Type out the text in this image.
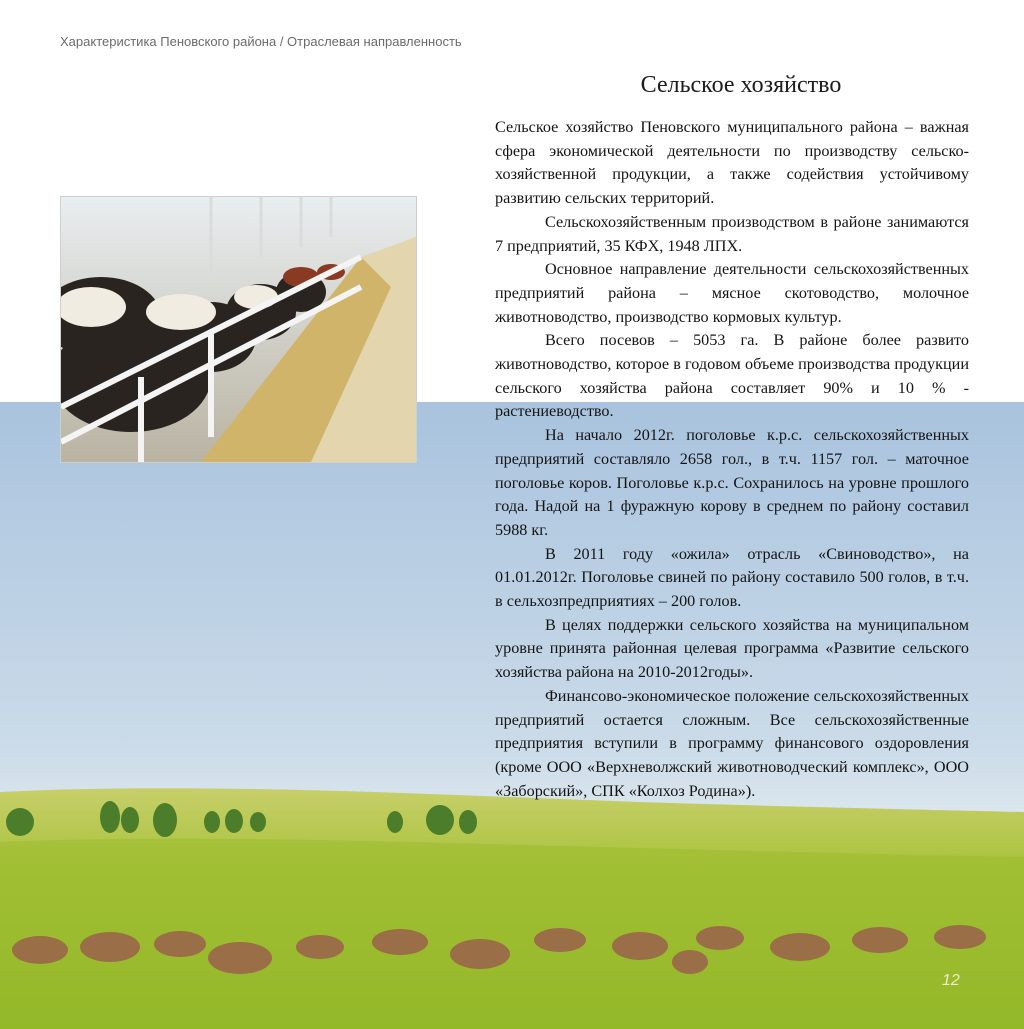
Характеристика Пеновского района / Отраслевая направленность
Сельское хозяйство

Сельское хозяйство Пеновского муниципального района – важная сфера экономической деятельности по производству сельско-хозяйственной продукции, а также содействия устойчивому развитию сельских территорий.

Сельскохозяйственным производством в районе занимаются 7 предприятий, 35 КФХ, 1948 ЛПХ.

Основное направление деятельности сельскохозяйственных предприятий района – мясное скотоводство, молочное животноводство, производство кормовых культур.

Всего посевов – 5053 га. В районе более развито животноводство, которое в годовом объеме производства продукции сельского хозяйства района составляет 90% и 10 % - растениеводство.

На начало 2012г. поголовье к.р.с. сельскохозяйственных предприятий составляло 2658 гол., в т.ч. 1157 гол. – маточное поголовье коров. Поголовье к.р.с. Сохранилось на уровне прошлого года. Надой на 1 фуражную корову в среднем по району составил 5988 кг.

В 2011 году «ожила» отрасль «Свиноводство», на 01.01.2012г. Поголовье свиней по району составило 500 голов, в т.ч. в сельхозпредприятиях – 200 голов.

В целях поддержки сельского хозяйства на муниципальном уровне принята районная целевая программа «Развитие сельского хозяйства района на 2010-2012годы».

Финансово-экономическое положение сельскохозяйственных предприятий остается сложным. Все сельскохозяйственные предприятия вступили в программу финансового оздоровления (кроме ООО «Верхневолжский животноводческий комплекс», ООО «Заборский», СПК «Колхоз Родина»).

12
